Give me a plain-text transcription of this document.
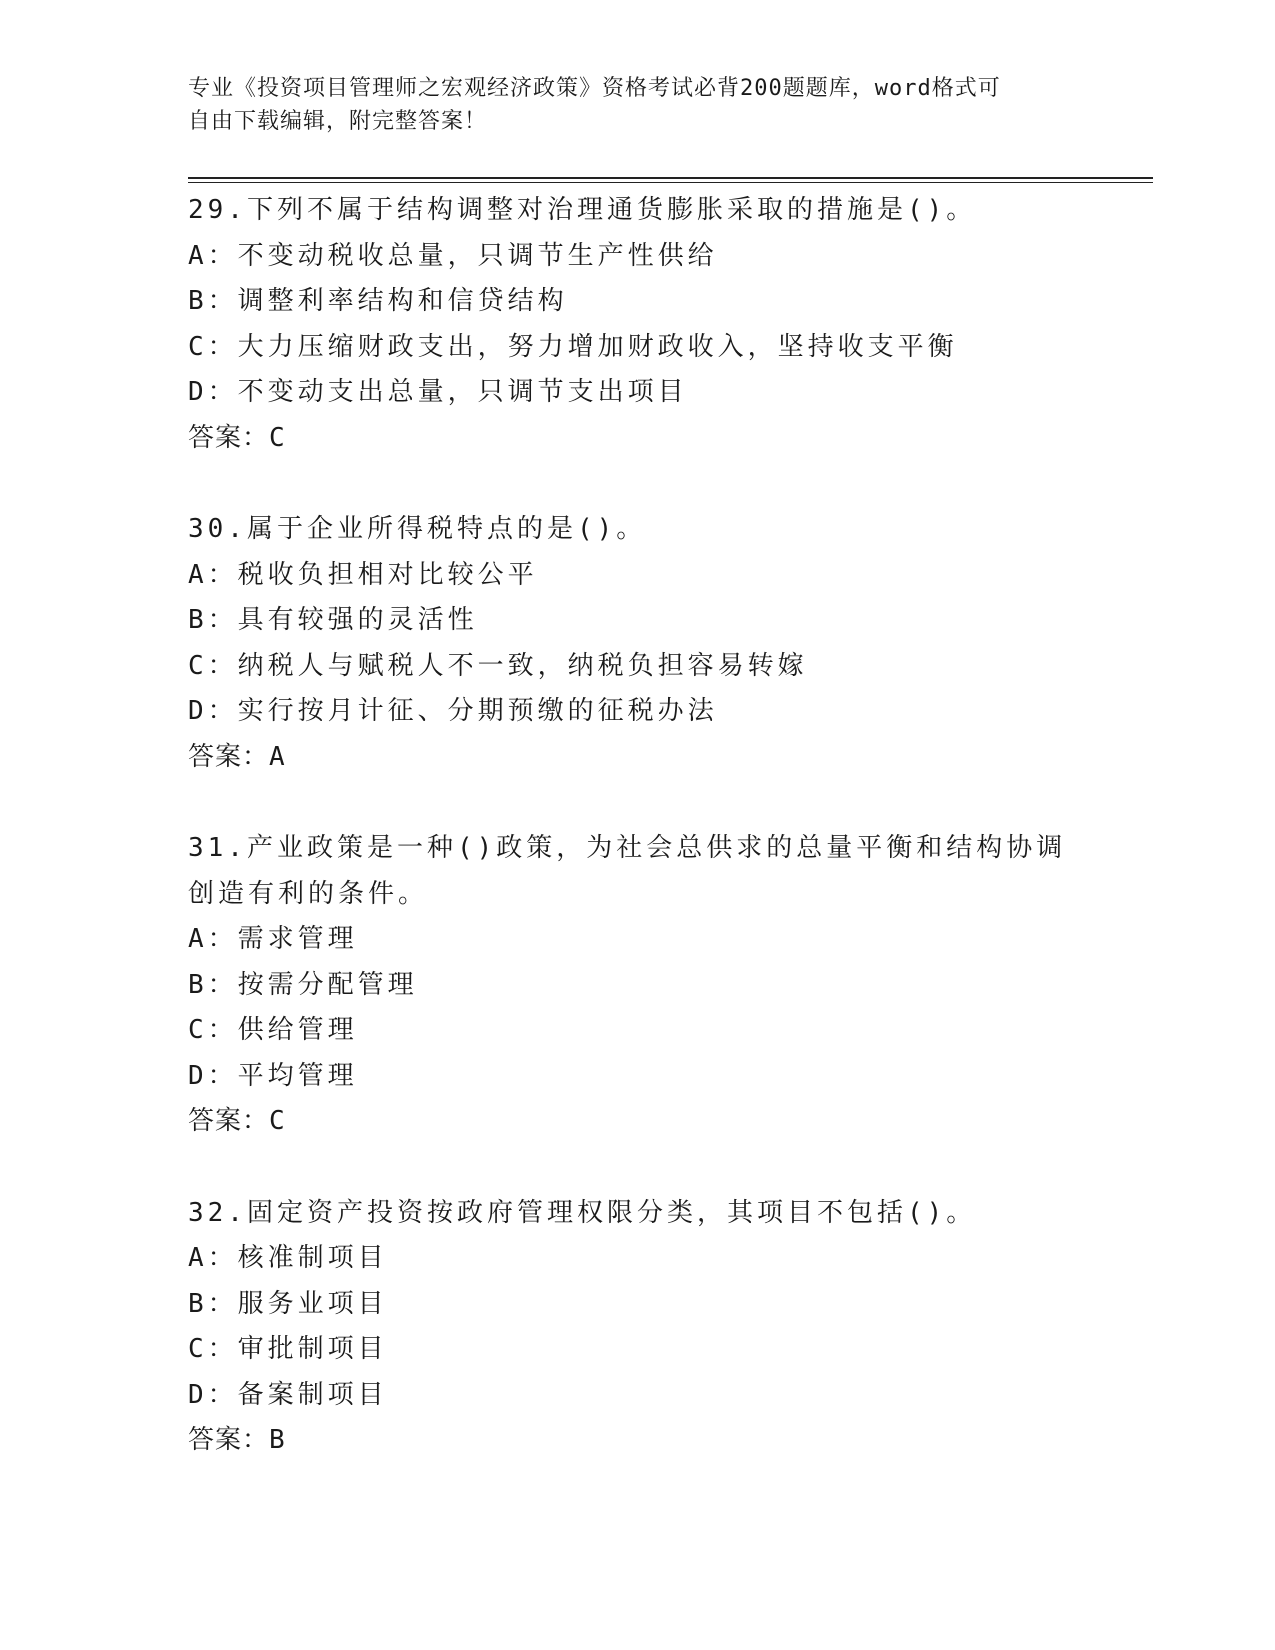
专业《投资项目管理师之宏观经济政策》资格考试必背200题题库，word格式可
自由下载编辑，附完整答案！
29.下列不属于结构调整对治理通货膨胀采取的措施是()。
A：不变动税收总量，只调节生产性供给
B：调整利率结构和信贷结构
C：大力压缩财政支出，努力增加财政收入，坚持收支平衡
D：不变动支出总量，只调节支出项目
答案：C
30.属于企业所得税特点的是()。
A：税收负担相对比较公平
B：具有较强的灵活性
C：纳税人与赋税人不一致，纳税负担容易转嫁
D：实行按月计征、分期预缴的征税办法
答案：A
31.产业政策是一种()政策，为社会总供求的总量平衡和结构协调创造有利的条件。
A：需求管理
B：按需分配管理
C：供给管理
D：平均管理
答案：C
32.固定资产投资按政府管理权限分类，其项目不包括()。
A：核准制项目
B：服务业项目
C：审批制项目
D：备案制项目
答案：B
